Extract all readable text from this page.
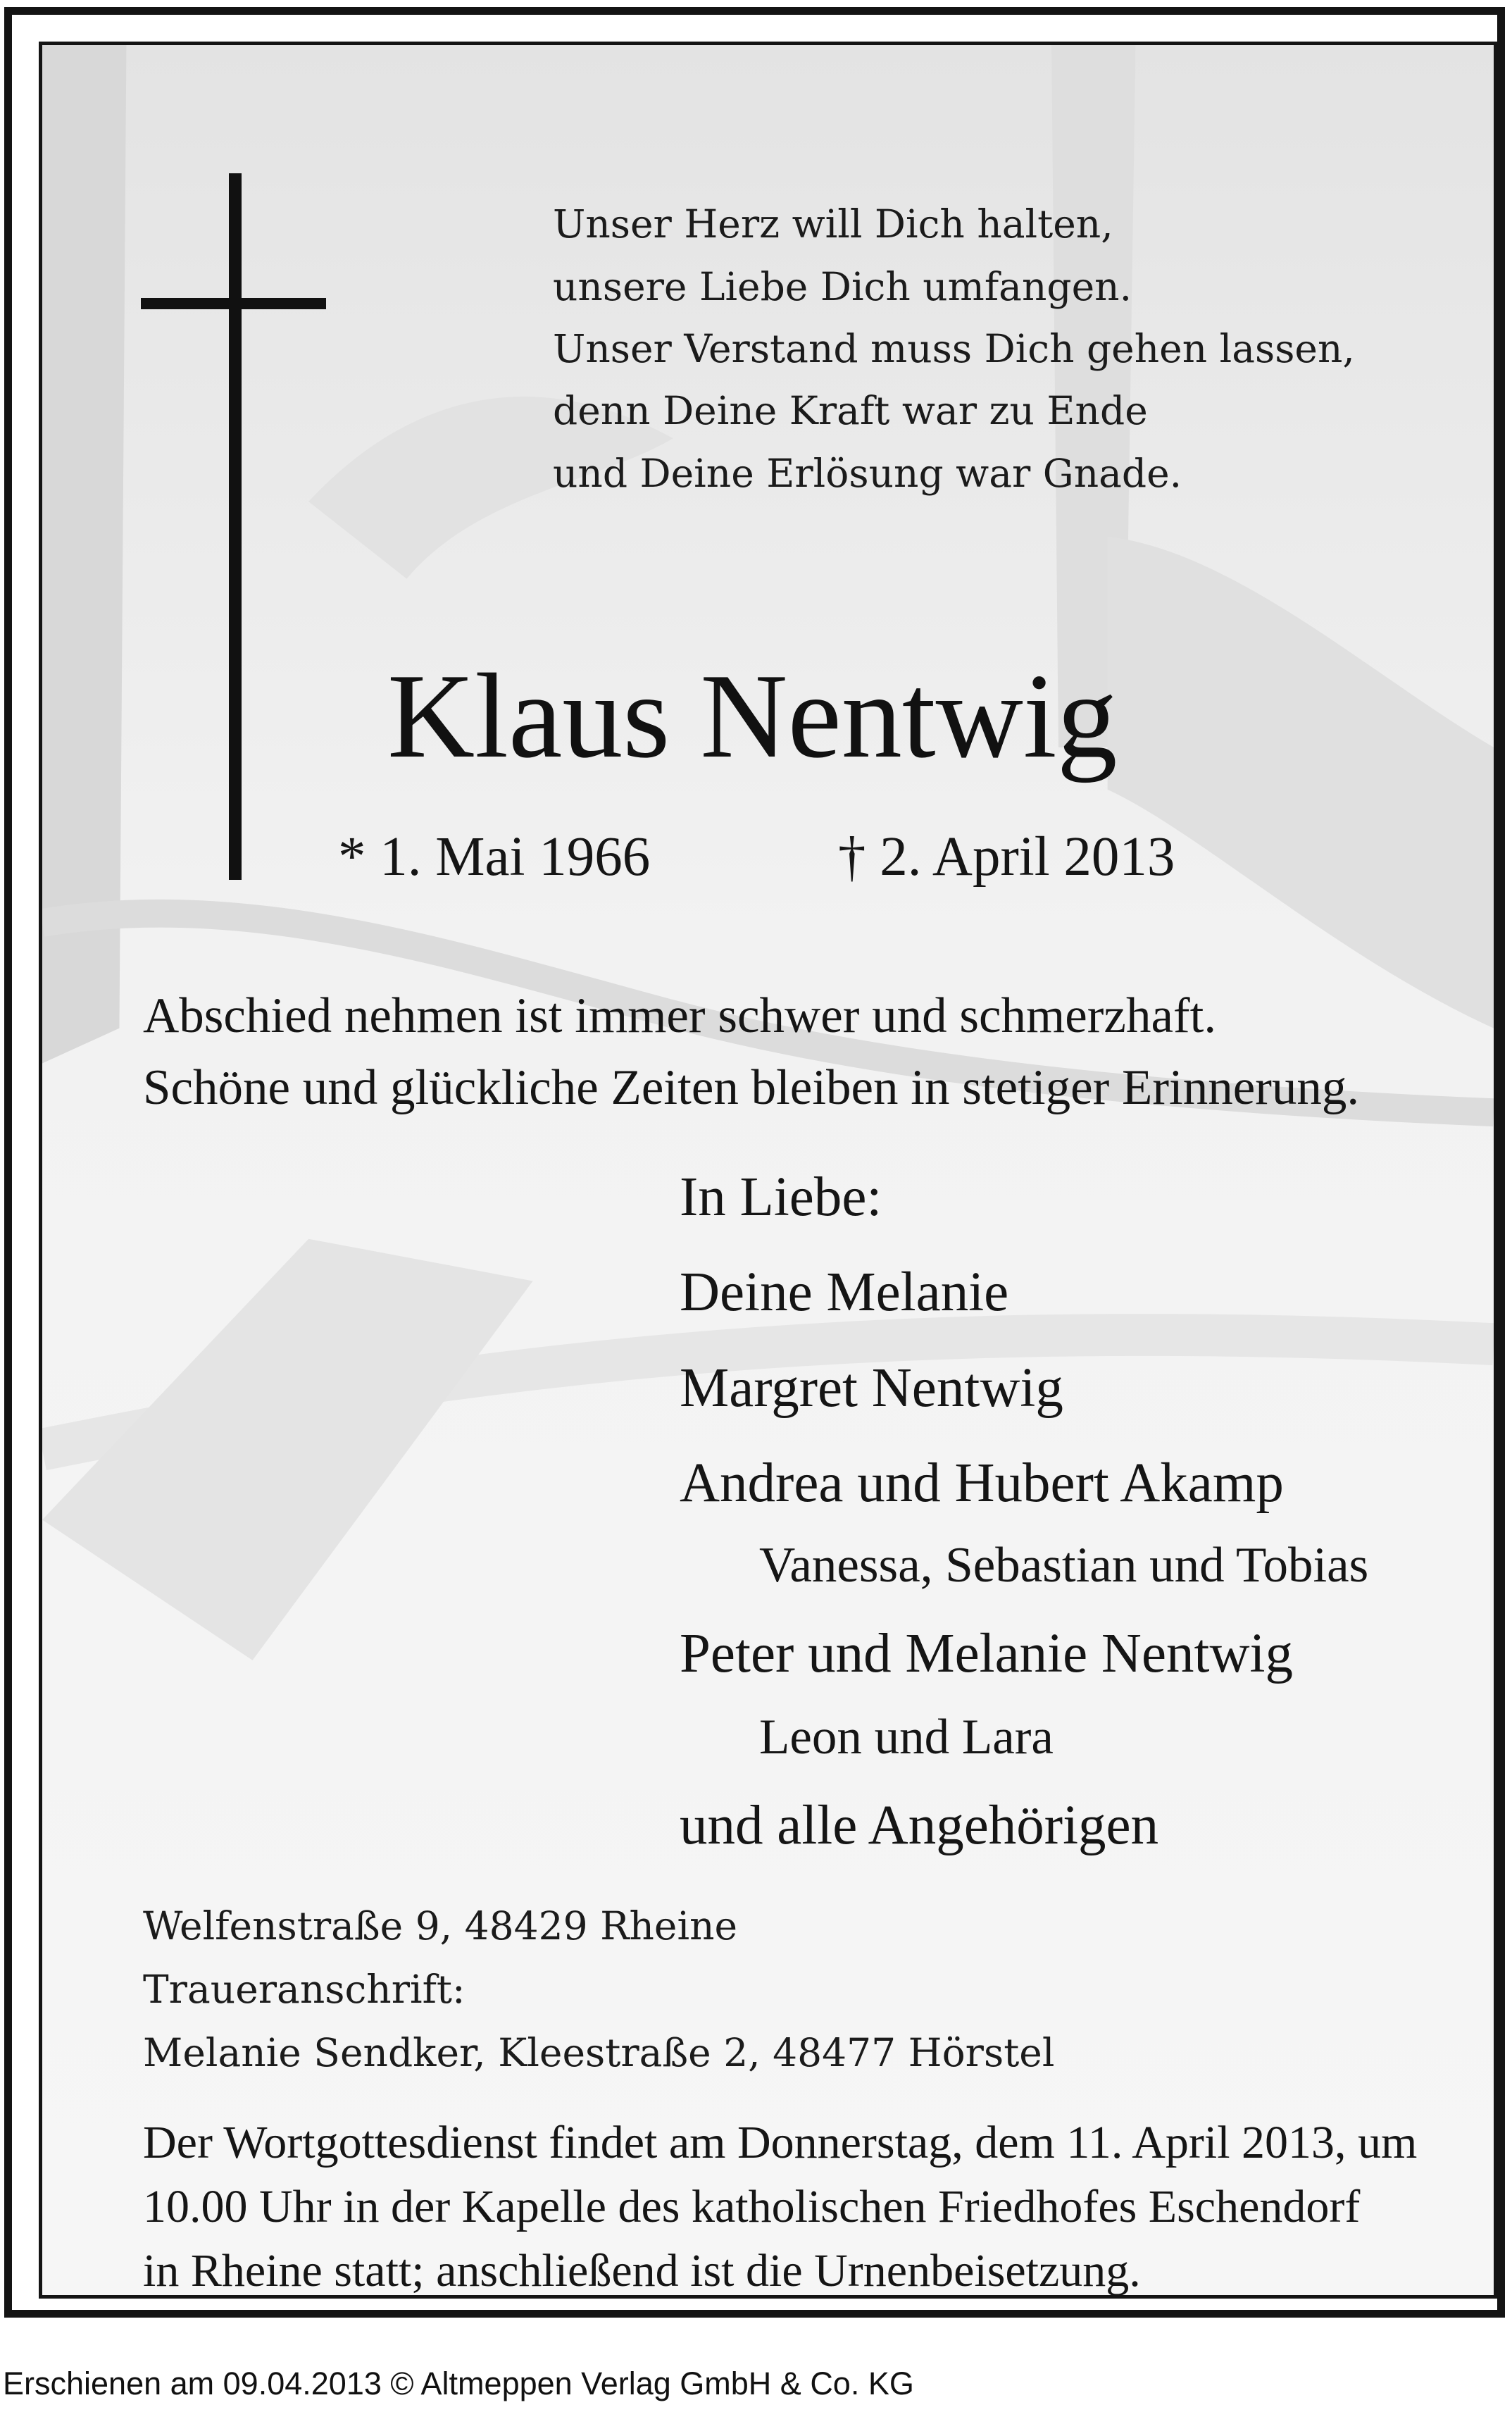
Unser Herz will Dich halten,
unsere Liebe Dich umfangen.
Unser Verstand muss Dich gehen lassen,
denn Deine Kraft war zu Ende
und Deine Erlösung war Gnade.
Klaus Nentwig
* 1. Mai 1966	† 2. April 2013
Abschied nehmen ist immer schwer und schmerzhaft.
Schöne und glückliche Zeiten bleiben in stetiger Erinnerung.
In Liebe:
Deine Melanie
Margret Nentwig
Andrea und Hubert Akamp
Vanessa, Sebastian und Tobias
Peter und Melanie Nentwig
Leon und Lara
und alle Angehörigen
Welfenstraße 9, 48429 Rheine
Traueranschrift:
Melanie Sendker, Kleestraße 2, 48477 Hörstel
Der Wortgottesdienst findet am Donnerstag, dem 11. April 2013, um
10.00 Uhr in der Kapelle des katholischen Friedhofes Eschendorf
in Rheine statt; anschließend ist die Urnenbeisetzung.
Erschienen am 09.04.2013 © Altmeppen Verlag GmbH & Co. KG
